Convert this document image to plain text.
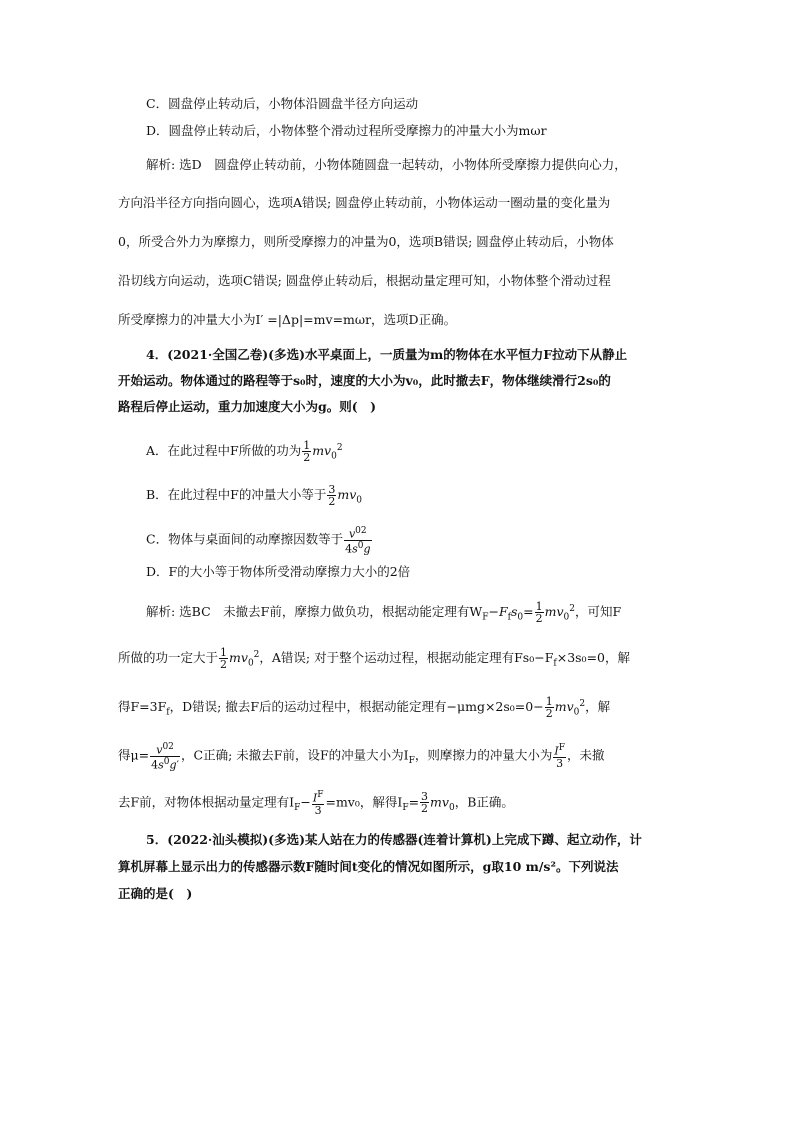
C．圆盘停止转动后，小物体沿圆盘半径方向运动
D．圆盘停止转动后，小物体整个滑动过程所受摩擦力的冲量大小为mωr
解析: 选D　圆盘停止转动前，小物体随圆盘一起转动，小物体所受摩擦力提供向心力，
方向沿半径方向指向圆心，选项A错误; 圆盘停止转动前，小物体运动一圈动量的变化量为
0，所受合外力为摩擦力，则所受摩擦力的冲量为0，选项B错误; 圆盘停止转动后，小物体
沿切线方向运动，选项C错误; 圆盘停止转动后，根据动量定理可知，小物体整个滑动过程
所受摩擦力的冲量大小为I′ =|Δp|=mv=mωr，选项D正确。
4．(2021·全国乙卷)(多选)水平桌面上，一质量为m的物体在水平恒力F拉动下从静止
开始运动。物体通过的路程等于s₀时，速度的大小为v₀，此时撤去F，物体继续滑行2s₀的
路程后停止运动，重力加速度大小为g。则(　)
A．在此过程中F所做的功为 $\frac{1}{2} mv_0^2$
B．在此过程中F的冲量大小等于 $\frac{3}{2} mv_0$
C．物体与桌面间的动摩擦因数等于 $\frac{v^{02}}{4s^0g}$
D．F的大小等于物体所受滑动摩擦力大小的2倍
解析: 选BC　未撤去F前，摩擦力做负功，根据动能定理有$W_F-F_fs_0= \frac{1}{2} mv_0^2$，可知F
所做的功一定大于 $\frac{1}{2} mv_0^2$，A错误; 对于整个运动过程，根据动能定理有$Fs_0-F_f\times 3s_0=0$，解
得$F=3F_f$，D错误; 撤去F后的运动过程中，根据动能定理有$-\mu mg\times 2s_0=0- \frac{1}{2} mv_0^2$，解
得$\mu= \frac{v^{02}}{4s^0g'}$ ，C正确; 未撤去F前，设F的冲量大小为$I_F$，则摩擦力的冲量大小为 $\frac{I^F}{3}$ ，未撤
去F前，对物体根据动量定理有$I_F- \frac{I^F}{3} =mv_0$，解得$I_F= \frac{3}{2} mv_0$，B正确。
5．(2022·汕头模拟)(多选)某人站在力的传感器(连着计算机)上完成下蹲、起立动作，计
算机屏幕上显示出力的传感器示数F随时间t变化的情况如图所示，g取10 m/s²。下列说法
正确的是(　)
